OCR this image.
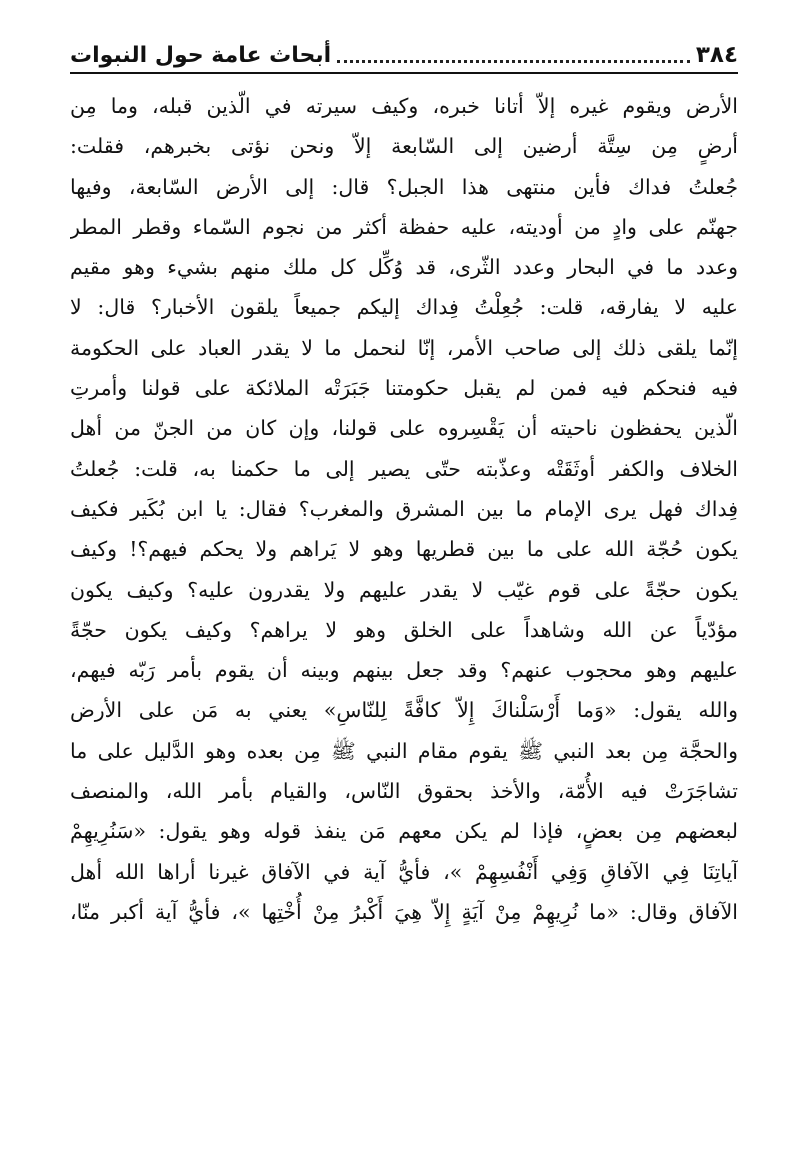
٣٨٤
أبحاث عامة حول النبوات
الأرض ويقوم غيره إلاّ أتانا خبره، وكيف سيرته في الّذين قبله، وما مِن
أرضٍ مِن سِتَّة أرضين إلى السّابعة إلاّ ونحن نؤتى بخبرهم، فقلت:
جُعلتُ فداك فأين منتهى هذا الجبل؟ قال: إلى الأرض السّابعة، وفيها
جهنّم على وادٍ من أوديته، عليه حفظة أكثر من نجوم السّماء وقطر المطر
وعدد ما في البحار وعدد الثّرى، قد وُكِّل كل ملك منهم بشيء وهو مقيم
عليه لا يفارقه، قلت: جُعِلْتُ فِداك إليكم جميعاً يلقون الأخبار؟ قال: لا
إنّما يلقى ذلك إلى صاحب الأمر، إنّا لنحمل ما لا يقدر العباد على الحكومة
فيه فنحكم فيه فمن لم يقبل حكومتنا جَبَرَتْه الملائكة على قولنا وأمرتِ
الّذين يحفظون ناحيته أن يَقْسِروه على قولنا، وإن كان من الجنّ من أهل
الخلاف والكفر أوثَقَتْه وعذّبته حتّى يصير إلى ما حكمنا به، قلت: جُعلتُ
فِداك فهل يرى الإمام ما بين المشرق والمغرب؟ فقال: يا ابن بُكَير فكيف
يكون حُجّة الله على ما بين قطريها وهو لا يَراهم ولا يحكم فيهم؟! وكيف
يكون حجّةً على قوم غيّب لا يقدر عليهم ولا يقدرون عليه؟ وكيف يكون
مؤدّياً عن الله وشاهداً على الخلق وهو لا يراهم؟ وكيف يكون حجّةً
عليهم وهو محجوب عنهم؟ وقد جعل بينهم وبينه أن يقوم بأمر رَبّه فيهم،
والله يقول: «وَما أَرْسَلْناكَ إِلاّ كافَّةً لِلنّاسِ» يعني به مَن على الأرض
والحجَّة مِن بعد النبي ﷺ يقوم مقام النبي ﷺ مِن بعده وهو الدَّليل على ما
تشاجَرَتْ فيه الأُمّة، والأخذ بحقوق النّاس، والقيام بأمر الله، والمنصف
لبعضهم مِن بعضٍ، فإذا لم يكن معهم مَن ينفذ قوله وهو يقول: «سَنُرِيهِمْ
آياتِنَا فِي الآفاقِ وَفِي أَنْفُسِهِمْ »، فأيُّ آية في الآفاق غيرنا أراها الله أهل
الآفاق وقال: «ما نُرِيهِمْ مِنْ آيَةٍ إِلاّ هِيَ أَكْبرُ مِنْ أُخْتِها »، فأيُّ آية أكبر منّا،
